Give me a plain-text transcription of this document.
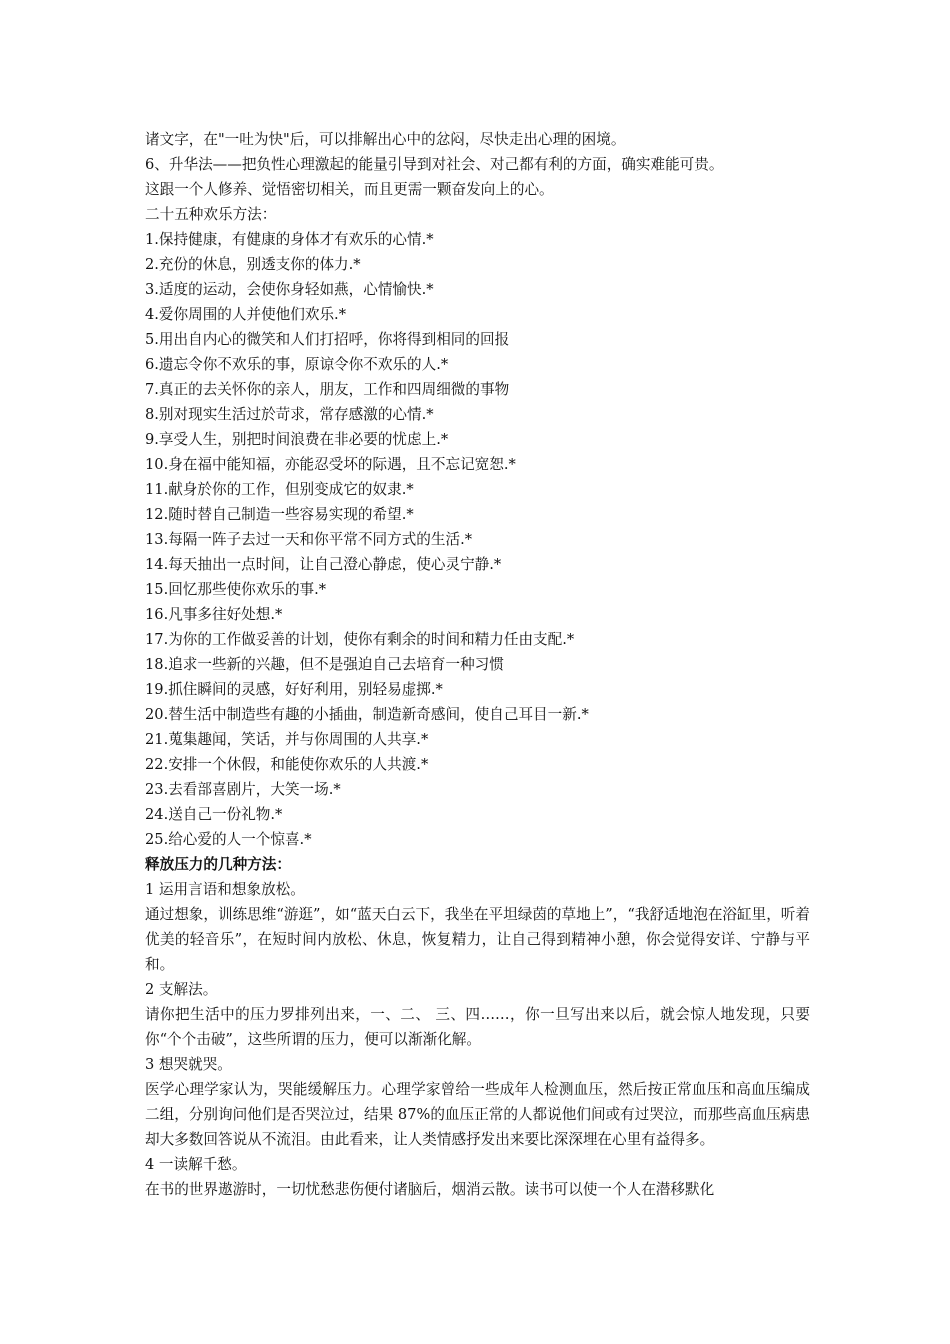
诸文字，在"一吐为快"后，可以排解出心中的忿闷，尽快走出心理的困境。
6、升华法——把负性心理激起的能量引导到对社会、对己都有利的方面，确实难能可贵。
这跟一个人修养、觉悟密切相关，而且更需一颗奋发向上的心。
二十五种欢乐方法：
1.保持健康，有健康的身体才有欢乐的心情.*
2.充份的休息，别透支你的体力.*
3.适度的运动，会使你身轻如燕，心情愉快.*
4.爱你周围的人并使他们欢乐.*
5.用出自内心的微笑和人们打招呼，你将得到相同的回报
6.遗忘令你不欢乐的事，原谅令你不欢乐的人.*
7.真正的去关怀你的亲人，朋友，工作和四周细微的事物
8.别对现实生活过於苛求，常存感激的心情.*
9.享受人生，别把时间浪费在非必要的忧虑上.*
10.身在福中能知福，亦能忍受坏的际遇，且不忘记宽恕.*
11.献身於你的工作，但别变成它的奴隶.*
12.随时替自己制造一些容易实现的希望.*
13.每隔一阵子去过一天和你平常不同方式的生活.*
14.每天抽出一点时间，让自己澄心静虑，使心灵宁静.*
15.回忆那些使你欢乐的事.*
16.凡事多往好处想.*
17.为你的工作做妥善的计划，使你有剩余的时间和精力任由支配.*
18.追求一些新的兴趣，但不是强迫自己去培育一种习惯
19.抓住瞬间的灵感，好好利用，别轻易虚掷.*
20.替生活中制造些有趣的小插曲，制造新奇感间，使自己耳目一新.*
21.蒐集趣闻，笑话，并与你周围的人共享.*
22.安排一个休假，和能使你欢乐的人共渡.*
23.去看部喜剧片，大笑一场.*
24.送自己一份礼物.*
25.给心爱的人一个惊喜.*
释放压力的几种方法：
1 运用言语和想象放松。
通过想象，训练思维“游逛”，如“蓝天白云下，我坐在平坦绿茵的草地上”，“我舒适地泡在浴缸里，听着优美的轻音乐”，在短时间内放松、休息，恢复精力，让自己得到精神小憩，你会觉得安详、宁静与平和。
2 支解法。
请你把生活中的压力罗排列出来，一、二、 三、四……，你一旦写出来以后，就会惊人地发现，只要你“个个击破”，这些所谓的压力，便可以渐渐化解。
3 想哭就哭。
医学心理学家认为，哭能缓解压力。心理学家曾给一些成年人检测血压，然后按正常血压和高血压编成二组，分别询问他们是否哭泣过，结果 87%的血压正常的人都说他们间或有过哭泣，而那些高血压病患却大多数回答说从不流泪。由此看来，让人类情感抒发出来要比深深埋在心里有益得多。
4 一读解千愁。
在书的世界遨游时，一切忧愁悲伤便付诸脑后，烟消云散。读书可以使一个人在潜移默化
